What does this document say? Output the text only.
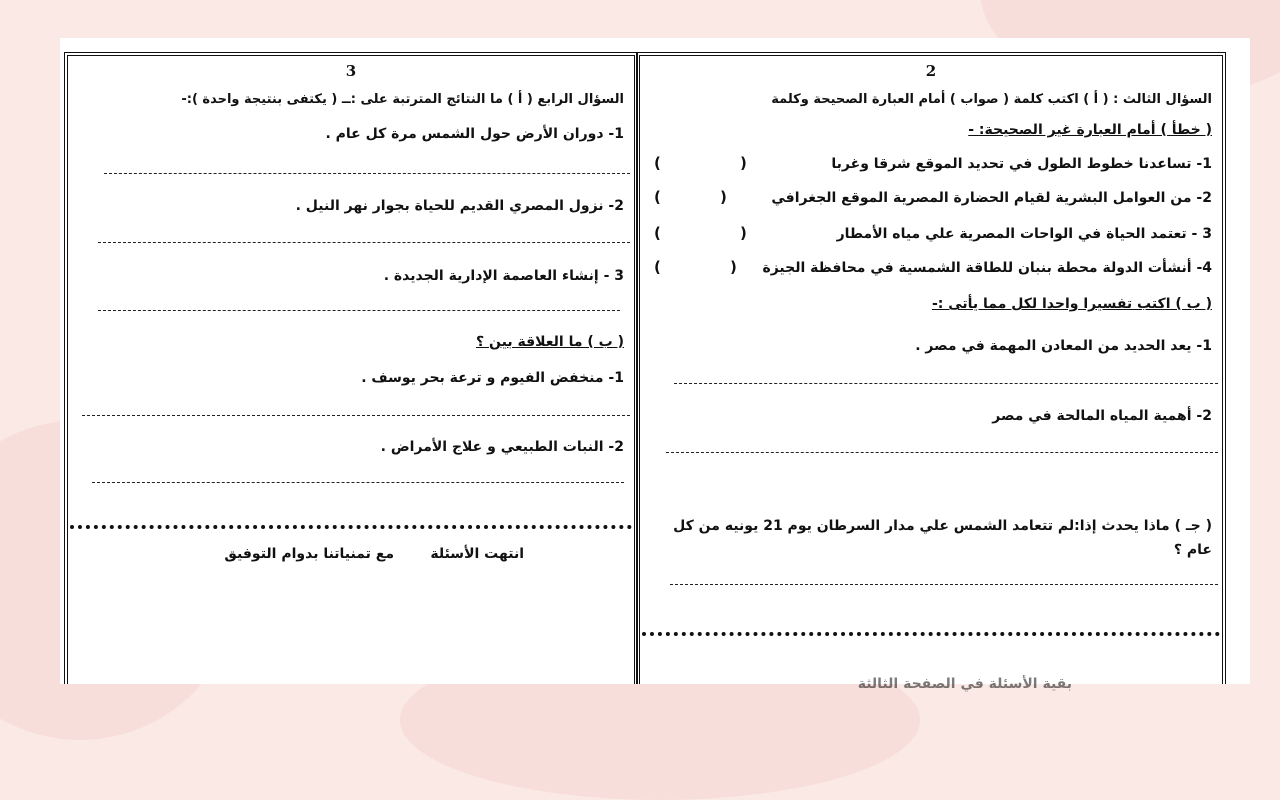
3
السؤال الرابع ( أ ) ما النتائج المترتبة على :ــ ( يكتفى بنتيجة واحدة ):-
1- دوران الأرض حول الشمس مرة كل عام .
2- نزول المصري القديم للحياة بجوار نهر النيل .
3 - إنشاء العاصمة الإدارية الجديدة .
( ب ) ما العلاقة بين ؟
1- منخفض الفيوم و ترعة بحر يوسف .
2- النبات الطبيعي و علاج الأمراض .
انتهت الأسئلة
مع تمنياتنا بدوام التوفيق
2
السؤال الثالث : ( أ ) اكتب كلمة ( صواب ) أمام العبارة الصحيحة وكلمة
( خطأ ) أمام العبارة غير الصحيحة: -
1- تساعدنا خطوط الطول في تحديد الموقع شرقا وغربا
(
)
2- من العوامل البشرية لقيام الحضارة المصرية الموقع الجغرافي
(
)
3 - تعتمد الحياة في الواحات المصرية علي مياه الأمطار
(
)
4- أنشأت الدولة محطة بنبان للطاقة الشمسية في محافظة الجيزة
(
)
( ب ) اكتب تفسيرا واحدا لكل مما يأتى :-
1- يعد الحديد من المعادن المهمة في مصر .
2- أهمية المياه المالحة في مصر
( جـ ) ماذا يحدث إذا:لم تتعامد الشمس علي مدار السرطان يوم 21 يونيه من كل عام ؟
بقية الأسئلة في الصفحة الثالثة
